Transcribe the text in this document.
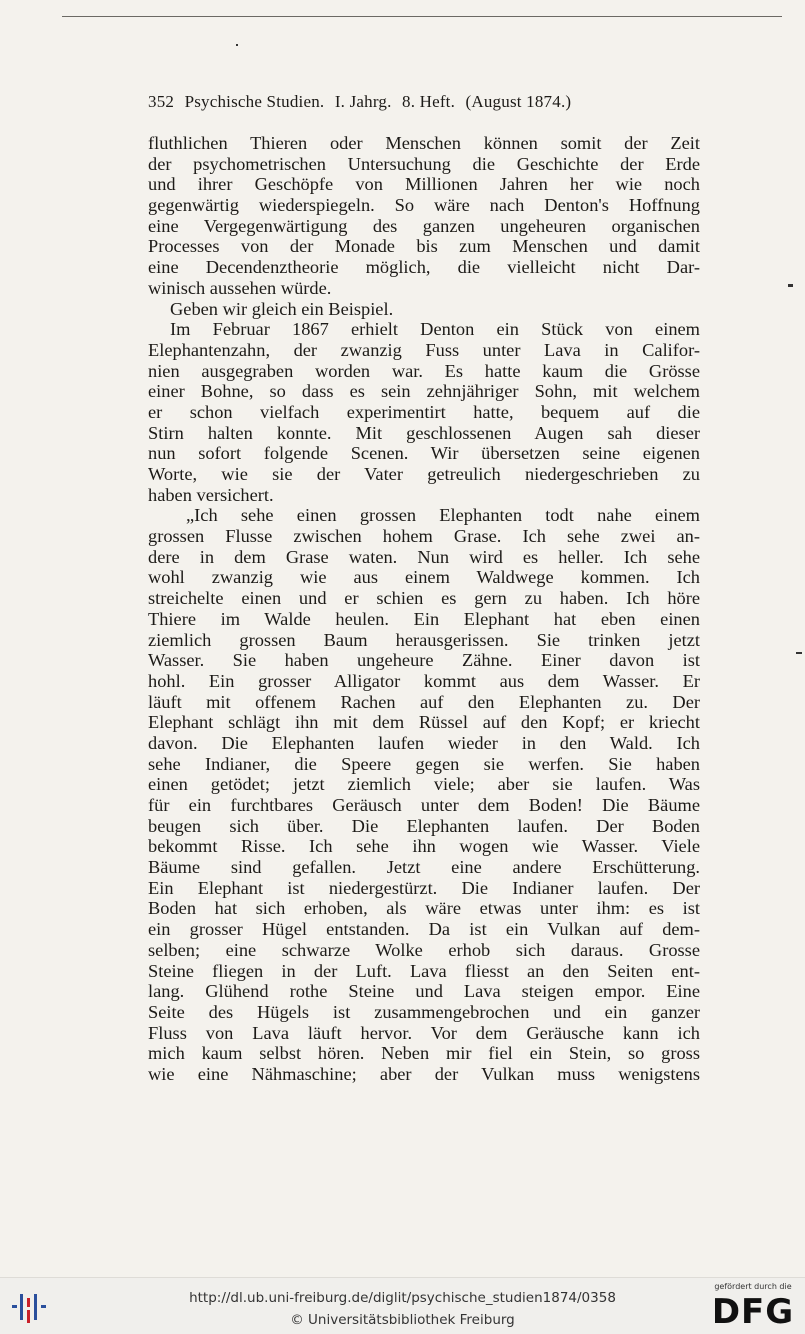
352 Psychische Studien. I. Jahrg. 8. Heft. (August 1874.)
fluthlichen Thieren oder Menschen können somit der Zeit
der psychometrischen Untersuchung die Geschichte der Erde
und ihrer Geschöpfe von Millionen Jahren her wie noch
gegenwärtig wiederspiegeln. So wäre nach Denton's Hoffnung
eine Vergegenwärtigung des ganzen ungeheuren organischen
Processes von der Monade bis zum Menschen und damit
eine Decendenztheorie möglich, die vielleicht nicht Dar-
winisch aussehen würde.
Geben wir gleich ein Beispiel.
Im Februar 1867 erhielt Denton ein Stück von einem
Elephantenzahn, der zwanzig Fuss unter Lava in Califor-
nien ausgegraben worden war. Es hatte kaum die Grösse
einer Bohne, so dass es sein zehnjähriger Sohn, mit welchem
er schon vielfach experimentirt hatte, bequem auf die
Stirn halten konnte. Mit geschlossenen Augen sah dieser
nun sofort folgende Scenen. Wir übersetzen seine eigenen
Worte, wie sie der Vater getreulich niedergeschrieben zu
haben versichert.
„Ich sehe einen grossen Elephanten todt nahe einem
grossen Flusse zwischen hohem Grase. Ich sehe zwei an-
dere in dem Grase waten. Nun wird es heller. Ich sehe
wohl zwanzig wie aus einem Waldwege kommen. Ich
streichelte einen und er schien es gern zu haben. Ich höre
Thiere im Walde heulen. Ein Elephant hat eben einen
ziemlich grossen Baum herausgerissen. Sie trinken jetzt
Wasser. Sie haben ungeheure Zähne. Einer davon ist
hohl. Ein grosser Alligator kommt aus dem Wasser. Er
läuft mit offenem Rachen auf den Elephanten zu. Der
Elephant schlägt ihn mit dem Rüssel auf den Kopf; er kriecht
davon. Die Elephanten laufen wieder in den Wald. Ich
sehe Indianer, die Speere gegen sie werfen. Sie haben
einen getödet; jetzt ziemlich viele; aber sie laufen. Was
für ein furchtbares Geräusch unter dem Boden! Die Bäume
beugen sich über. Die Elephanten laufen. Der Boden
bekommt Risse. Ich sehe ihn wogen wie Wasser. Viele
Bäume sind gefallen. Jetzt eine andere Erschütterung.
Ein Elephant ist niedergestürzt. Die Indianer laufen. Der
Boden hat sich erhoben, als wäre etwas unter ihm: es ist
ein grosser Hügel entstanden. Da ist ein Vulkan auf dem-
selben; eine schwarze Wolke erhob sich daraus. Grosse
Steine fliegen in der Luft. Lava fliesst an den Seiten ent-
lang. Glühend rothe Steine und Lava steigen empor. Eine
Seite des Hügels ist zusammengebrochen und ein ganzer
Fluss von Lava läuft hervor. Vor dem Geräusche kann ich
mich kaum selbst hören. Neben mir fiel ein Stein, so gross
wie eine Nähmaschine; aber der Vulkan muss wenigstens
http://dl.ub.uni-freiburg.de/diglit/psychische_studien1874/0358
© Universitätsbibliothek Freiburg
gefördert durch die
DFG
